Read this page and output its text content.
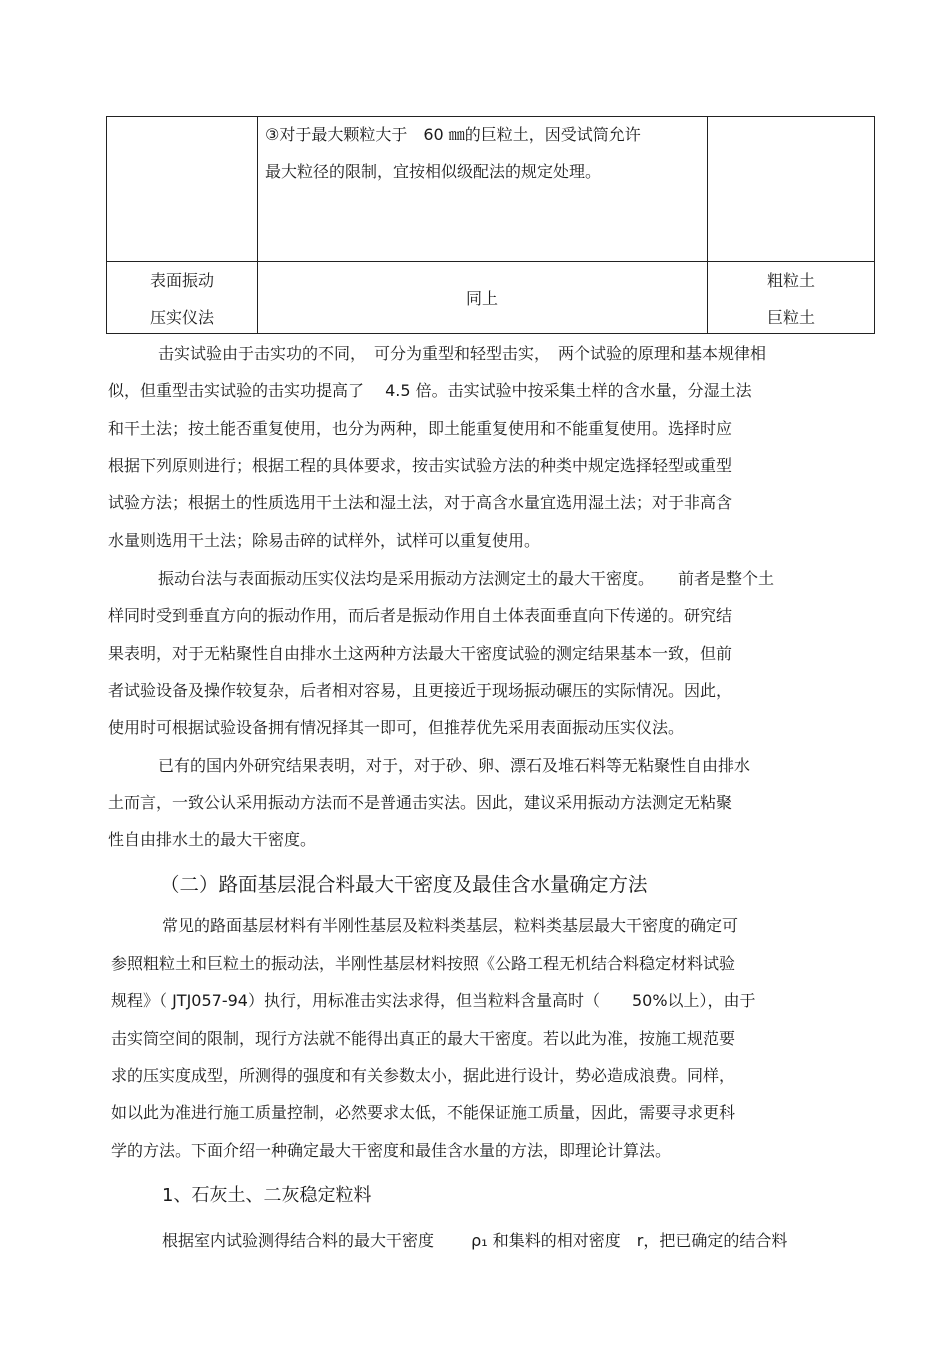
③对于最大颗粒大于　60 ㎜的巨粒土，因受试筒允许
最大粒径的限制，宜按相似级配法的规定处理。
表面振动
压实仪法
同上
粗粒土
巨粒土
击实试验由于击实功的不同，　可分为重型和轻型击实，　两个试验的原理和基本规律相
似，但重型击实试验的击实功提高了　 4.5 倍。击实试验中按采集土样的含水量，分湿土法
和干土法；按土能否重复使用，也分为两种，即土能重复使用和不能重复使用。选择时应
根据下列原则进行；根据工程的具体要求，按击实试验方法的种类中规定选择轻型或重型
试验方法；根据土的性质选用干土法和湿土法，对于高含水量宜选用湿土法；对于非高含
水量则选用干土法；除易击碎的试样外，试样可以重复使用。
振动台法与表面振动压实仪法均是采用振动方法测定土的最大干密度。　　前者是整个土
样同时受到垂直方向的振动作用，而后者是振动作用自土体表面垂直向下传递的。研究结
果表明，对于无粘聚性自由排水土这两种方法最大干密度试验的测定结果基本一致，但前
者试验设备及操作较复杂，后者相对容易，且更接近于现场振动碾压的实际情况。因此，
使用时可根据试验设备拥有情况择其一即可，但推荐优先采用表面振动压实仪法。
已有的国内外研究结果表明，对于，对于砂、卵、漂石及堆石料等无粘聚性自由排水
土而言，一致公认采用振动方法而不是普通击实法。因此，建议采用振动方法测定无粘聚
性自由排水土的最大干密度。
（二）路面基层混合料最大干密度及最佳含水量确定方法
常见的路面基层材料有半刚性基层及粒料类基层，粒料类基层最大干密度的确定可
参照粗粒土和巨粒土的振动法，半刚性基层材料按照《公路工程无机结合料稳定材料试验
规程》（ JTJ057-94）执行，用标准击实法求得，但当粒料含量高时（　　50%以上），由于
击实筒空间的限制，现行方法就不能得出真正的最大干密度。若以此为准，按施工规范要
求的压实度成型，所测得的强度和有关参数太小，据此进行设计，势必造成浪费。同样，
如以此为准进行施工质量控制，必然要求太低，不能保证施工质量，因此，需要寻求更科
学的方法。下面介绍一种确定最大干密度和最佳含水量的方法，即理论计算法。
1、石灰土、二灰稳定粒料
根据室内试验测得结合料的最大干密度　　 ρ₁ 和集料的相对密度　r，把已确定的结合料
